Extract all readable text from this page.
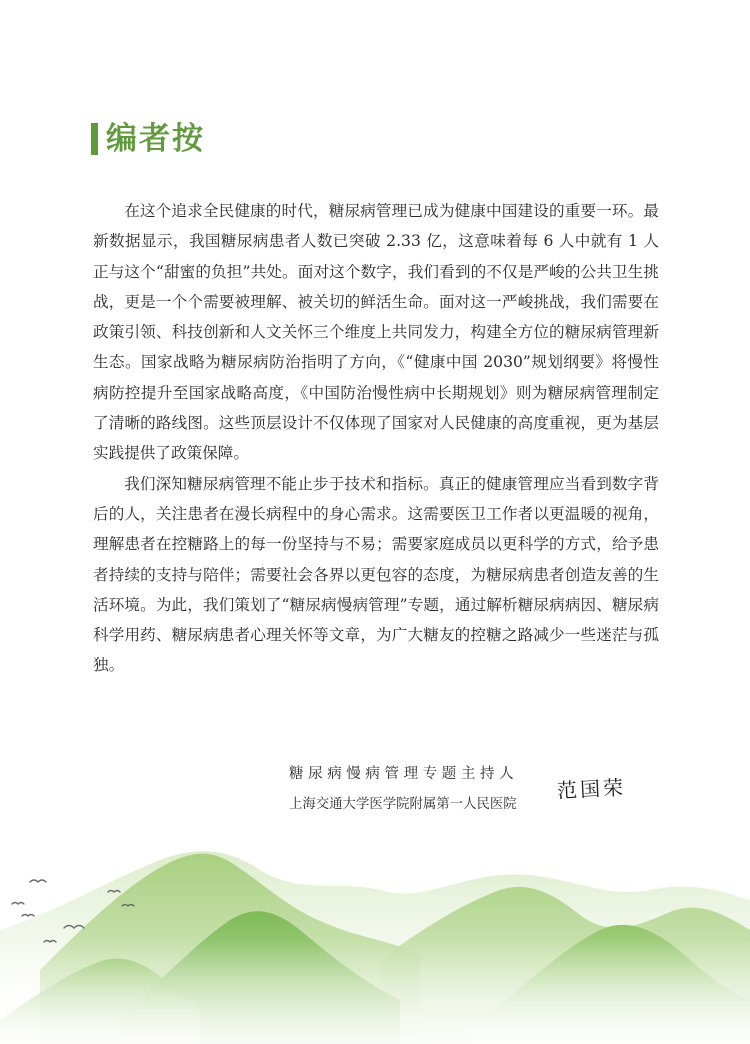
编者按

在这个追求全民健康的时代，糖尿病管理已成为健康中国建设的重要一环。最新数据显示，我国糖尿病患者人数已突破 2.33 亿，这意味着每 6 人中就有 1 人正与这个“甜蜜的负担”共处。面对这个数字，我们看到的不仅是严峻的公共卫生挑战，更是一个个需要被理解、被关切的鲜活生命。面对这一严峻挑战，我们需要在政策引领、科技创新和人文关怀三个维度上共同发力，构建全方位的糖尿病管理新生态。国家战略为糖尿病防治指明了方向，《“健康中国 2030”规划纲要》将慢性病防控提升至国家战略高度，《中国防治慢性病中长期规划》则为糖尿病管理制定了清晰的路线图。这些顶层设计不仅体现了国家对人民健康的高度重视，更为基层实践提供了政策保障。

我们深知糖尿病管理不能止步于技术和指标。真正的健康管理应当看到数字背后的人，关注患者在漫长病程中的身心需求。这需要医卫工作者以更温暖的视角，理解患者在控糖路上的每一份坚持与不易；需要家庭成员以更科学的方式，给予患者持续的支持与陪伴；需要社会各界以更包容的态度，为糖尿病患者创造友善的生活环境。为此，我们策划了“糖尿病慢病管理”专题，通过解析糖尿病病因、糖尿病科学用药、糖尿病患者心理关怀等文章，为广大糖友的控糖之路减少一些迷茫与孤独。

糖尿病慢病管理专题主持人
上海交通大学医学院附属第一人民医院
范国荣
